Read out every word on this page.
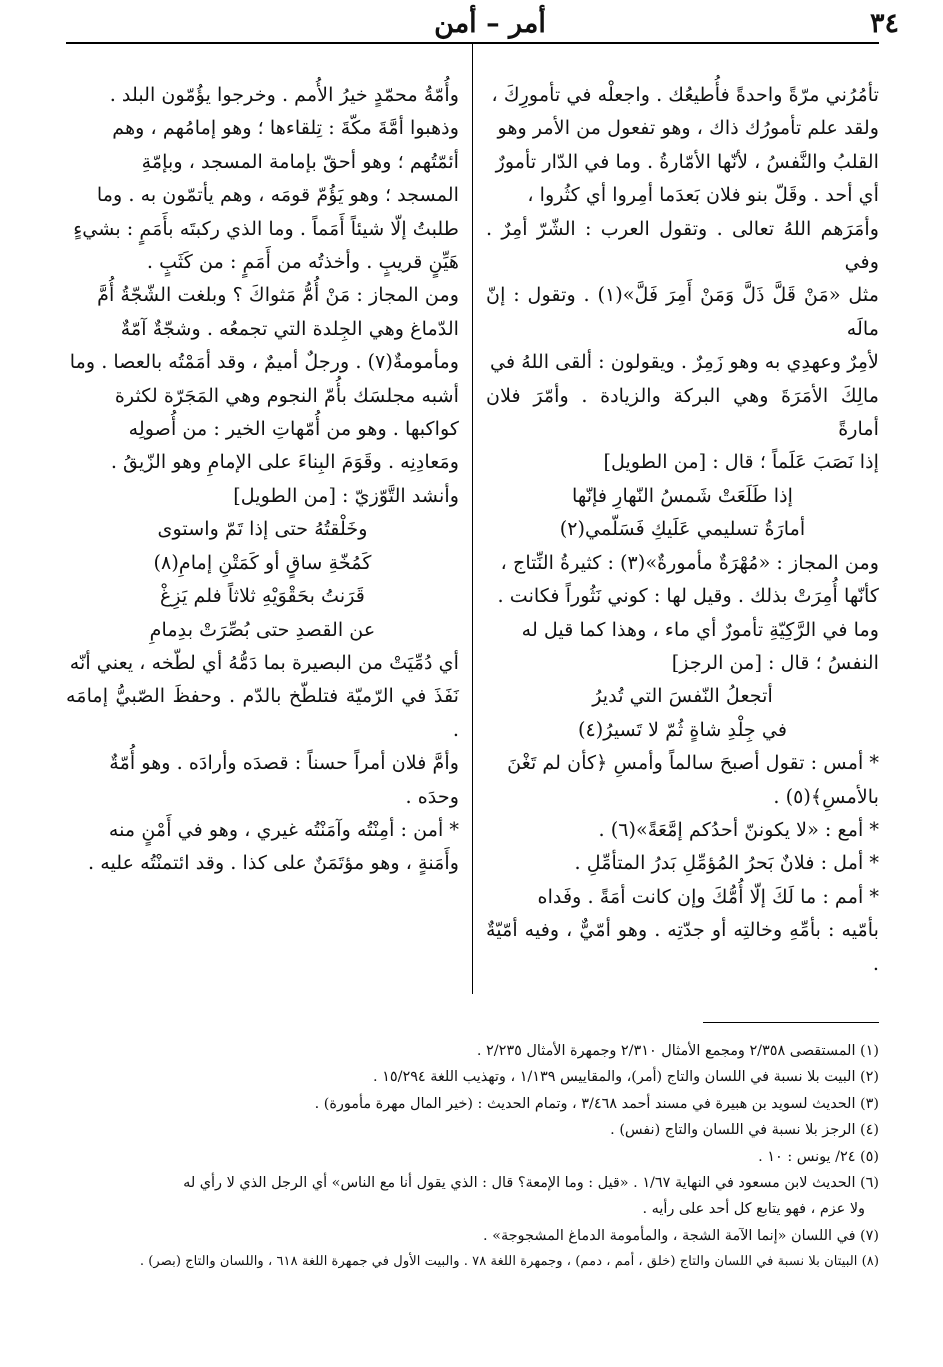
٣٤
أمر – أمن

تأمُرُني مرّةً واحدةً فأُطيعُك . واجعلْه في تأمورِكَ ،

ولقد علم تأمورُك ذاك ، وهو تفعول من الأمر وهو

القلبُ والنَّفسُ ، لأنّها الأمّارةُ . وما في الدّار تأمورٌ

أي أحد . وقَلّ بنو فلان بَعدَما أمِروا أي كثُروا ،

وأمَرَهم اللهُ تعالى . وتقول العرب : الشّرّ أمِرٌ . وفي

مثل «مَنْ قَلَّ ذَلَّ وَمَنْ أَمِرَ فَلَّ»(١) . وتقول : إنّ مالَه

لأمِرٌ وعهدِي به وهو زَمِرٌ . ويقولون : ألقى اللهُ في

مالِكَ الأمَرَةَ وهي البركة والزيادة . وأمّرَ فلان أمارةً

إذا نَصَبَ عَلَماً ؛ قال : [من الطويل]

إذا طَلَعَتْ شَمسُ النّهارِ فإنّها

أمارَةُ تسليمي عَلَيكِ فَسَلّمي(٢)

ومن المجاز : «مُهْرَةٌ مأمورةٌ»(٣) : كثيرةُ النِّتاج ،

كأنّها أُمِرَتْ بذلك . وقيل لها : كوني نَثُوراً فكانت .

وما في الرَّكِيّةِ تأمورٌ أي ماء ، وهذا كما قيل له

النفسُ ؛ قال : [من الرجز]

أتجعلُ النّفسَ التي تُديرُ

في جِلْدِ شاةٍ ثُمّ لا تَسيرُ(٤)

* أمس : تقول أصبحَ سالماً وأمسِ ﴿كأن لم تَغْنَ

بالأمسِ﴾(٥) .

* أمع : «لا يكوننّ أحدُكم إمَّعَةً»(٦) .

* أمل : فلانٌ بَحرُ المُؤمِّلِ بَدرُ المتأمِّلِ .

* أمم : ما لَكَ إلّا أُمُّكَ وإن كانت أمَةً . وفَداه

بأمّيه : بأمِّهِ وخالتِه أو جدّتِه . وهو أمّيٌّ ، وفيه أمّيّةٌ .

وأُمّةُ محمّدٍ خيرُ الأُمم . وخرجوا يؤُمّون البلد .

وذهبوا أمَّةَ مكّةَ : تِلقاءها ؛ وهو إمامُهم ، وهم

أئمّتُهم ؛ وهو أحقّ بإمامة المسجد ، وبإمّةِ

المسجد ؛ وهو يَؤُمّ قومَه ، وهم يأتمّون به . وما

طلبتُ إلّا شيئاً أَمَماً . وما الذي ركبتَه بأَمَمٍ : بشيءٍ

هَيِّنٍ قريبٍ . وأخذتُه من أَمَمٍ : من كَثَبٍ .

ومن المجاز : مَنْ أُمُّ مَثواكَ ؟ وبلغت الشّجّةُ أُمَّ

الدّماغ وهي الجِلدة التي تجمعُه . وشجّةٌ آمّةٌ

ومأمومةٌ(٧) . ورجلٌ أميمٌ ، وقد أمَمْتُه بالعصا . وما

أشبه مجلسَك بأُمّ النجوم وهي المَجَرّة لكثرة

كواكبها . وهو من أُمّهاتِ الخير : من أُصولِه

ومَعادِنِه . وقَوَمَ البِناءَ على الإمامِ وهو الزّيقُ .

وأنشد التَّوّزيّ : [من الطويل]

وخَلْقتُهُ حتى إذا تَمّ واستوى

كَمُخّةِ ساقٍ أو كَمَتْنِ إمامِ(٨)

قَرَنتُ بحَقْوَيْهِ ثلاثاً فلم يَزِغْ

عن القصدِ حتى بُصِّرَتْ بدِمامِ

أي دُمِّيَتْ من البصيرة بما دَمُّهُ أي لطّخه ، يعني أنّه

نَفَذَ في الرّميّة فتلطّخ بالدّم . وحفظَ الصّبيُّ إمامَه .

وأمَّ فلان أمراً حسناً : قصدَه وأرادَه . وهو أُمّةٌ

وحدَه .

* أمن : أمِنْتُه وآمَنْتُه غيري ، وهو في أَمْنٍ منه

وأَمَنةٍ ، وهو مؤتَمَنٌ على كذا . وقد ائتمنْتُه عليه .

(١) المستقصى ٢/٣٥٨ ومجمع الأمثال ٢/٣١٠ وجمهرة الأمثال ٢/٢٣٥ .

(٢) البيت بلا نسبة في اللسان والتاج (أمر)، والمقاييس ١/١٣٩ ، وتهذيب اللغة ١٥/٢٩٤ .

(٣) الحديث لسويد بن هبيرة في مسند أحمد ٣/٤٦٨ ، وتمام الحديث : (خير المال مهرة مأمورة) .

(٤) الرجز بلا نسبة في اللسان والتاج (نفس) .

(٥) ٢٤/ يونس : ١٠ .

(٦) الحديث لابن مسعود في النهاية ١/٦٧ . «قيل : وما الإمعة؟ قال : الذي يقول أنا مع الناس» أي الرجل الذي لا رأي له

ولا عزم ، فهو يتابع كل أحد على رأيه .

(٧) في اللسان «إنما الآمة الشجة ، والمأمومة الدماغ المشجوجة» .

(٨) البيتان بلا نسبة في اللسان والتاج (خلق ، أمم ، دمم) ، وجمهرة اللغة ٧٨ . والبيت الأول في جمهرة اللغة ٦١٨ ، واللسان والتاج (بصر) .
